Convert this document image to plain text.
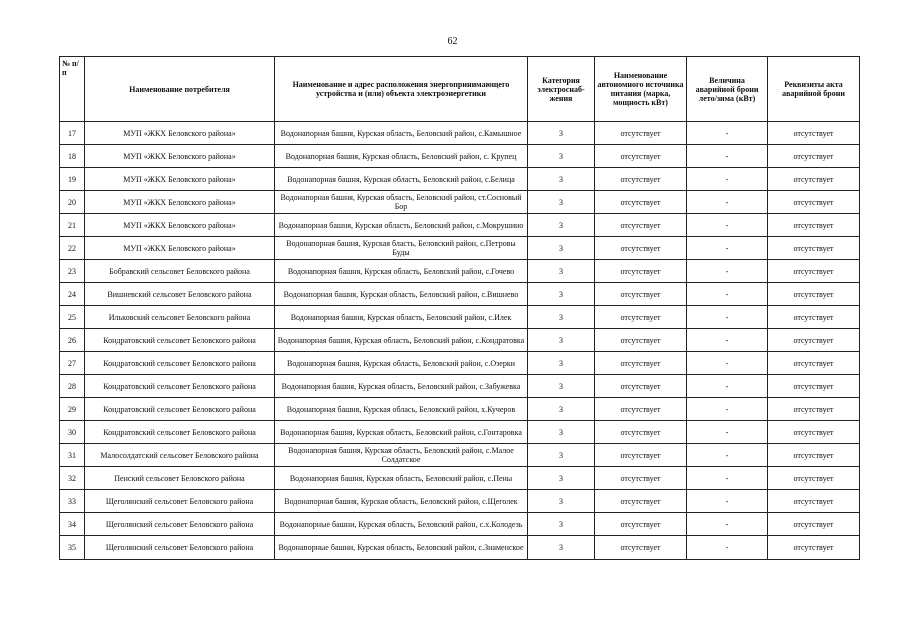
62
№ п/п	Наименование потребителя	Наименование и адрес расположения энергопринимающего устройства и (или) объекта электроэнергетики	Категория электроснаб-жения	Наименование автономного источника питания (марка, мощность кВт)	Величина аварийной брони лето/зима (кВт)	Реквизиты акта аварийной брони
17	МУП «ЖКХ Беловского района»	Водонапорная башня, Курская область, Беловский район, с.Камышное	3	отсутствует	-	отсутствует
18	МУП «ЖКХ Беловского района»	Водонапорная башня, Курская область, Беловский район, с. Крупец	3	отсутствует	-	отсутствует
19	МУП «ЖКХ Беловского района»	Водонапорная башня, Курская область, Беловский район, с.Белица	3	отсутствует	-	отсутствует
20	МУП «ЖКХ Беловского района»	Водонапорная башня, Курская область, Беловский район, ст.Сосновый Бор	3	отсутствует	-	отсутствует
21	МУП «ЖКХ Беловского района»	Водонапорная башня, Курская область, Беловский район, с.Мокрушино	3	отсутствует	-	отсутствует
22	МУП «ЖКХ Беловского района»	Водонапорная башня, Курская бласть, Беловский район, с.Петровы Буды	3	отсутствует	-	отсутствует
23	Бобравский сельсовет Беловского района	Водонапорная башня, Курская область, Беловский район, с.Гочево	3	отсутствует	-	отсутствует
24	Вишневский сельсовет Беловского района	Водонапорная башня, Курская область, Беловский район, с.Вишнево	3	отсутствует	-	отсутствует
25	Ильковский сельсовет Беловского района	Водонапорная башня, Курская область, Беловский район, с.Илек	3	отсутствует	-	отсутствует
26	Кондратовский сельсовет Беловского района	Водонапорная башня, Курская область, Беловский район, с.Кондратовка	3	отсутствует	-	отсутствует
27	Кондратовский сельсовет Беловского района	Водонапорная башня, Курская область, Беловский район, с.Озерки	3	отсутствует	-	отсутствует
28	Кондратовский сельсовет Беловского района	Водонапорная башня, Курская область, Беловский район, с.Забужевка	3	отсутствует	-	отсутствует
29	Кондратовский сельсовет Беловского района	Водонапорная башня, Курская облась, Беловский район, х.Кучеров	3	отсутствует	-	отсутствует
30	Кондратовский сельсовет Беловского района	Водонапорная башня, Курская область, Беловский район, с.Гонтаровка	3	отсутствует	-	отсутствует
31	Малосолдатский сельсовет Беловского района	Водонапорная башня, Курская область, Беловский район, с.Малое Солдатское	3	отсутствует	-	отсутствует
32	Пенский сельсовет Беловского района	Водонапорная башня, Курская область, Беловский район, с.Пены	3	отсутствует	-	отсутствует
33	Щеголянский сельсовет Беловского района	Водонапорная башня, Курская область, Беловский район, с.Щеголек	3	отсутствует	-	отсутствует
34	Щеголянский сельсовет Беловского района	Водонапорные башни, Курская область, Беловский район, с.х.Колодезь	3	отсутствует	-	отсутствует
35	Щеголянский сельсовет Беловского района	Водонапорные башни, Курская область, Беловский район, с.Знаменское	3	отсутствует	-	отсутствует
